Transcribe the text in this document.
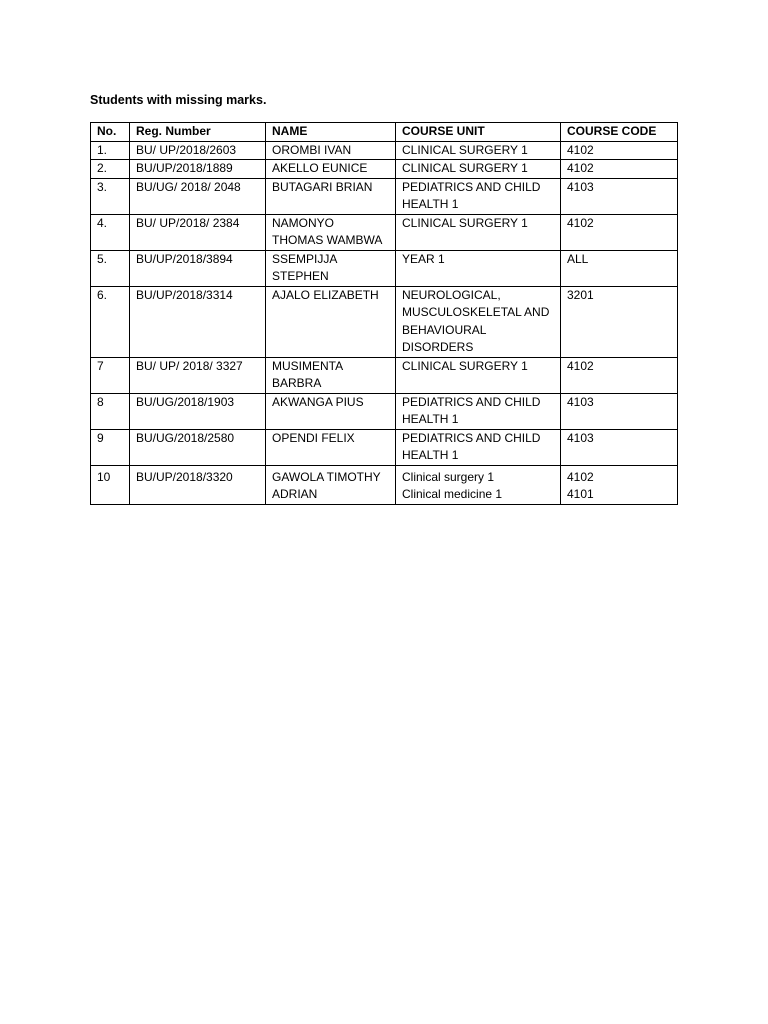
Students with missing marks.
No.	Reg. Number	NAME	COURSE UNIT	COURSE CODE
1.	BU/ UP/2018/2603	OROMBI IVAN	CLINICAL SURGERY 1	4102
2.	BU/UP/2018/1889	AKELLO EUNICE	CLINICAL SURGERY 1	4102
3.	BU/UG/ 2018/ 2048	BUTAGARI BRIAN	PEDIATRICS AND CHILD
HEALTH 1	4103
4.	BU/ UP/2018/ 2384	NAMONYO
THOMAS WAMBWA	CLINICAL SURGERY 1	4102
5.	BU/UP/2018/3894	SSEMPIJJA STEPHEN	YEAR 1	ALL
6.	BU/UP/2018/3314	AJALO ELIZABETH	NEUROLOGICAL,
MUSCULOSKELETAL AND
BEHAVIOURAL DISORDERS	3201
7	BU/ UP/ 2018/ 3327	MUSIMENTA
BARBRA	CLINICAL SURGERY 1	4102
8	BU/UG/2018/1903	AKWANGA PIUS	PEDIATRICS AND CHILD
HEALTH 1	4103
9	BU/UG/2018/2580	OPENDI FELIX	PEDIATRICS AND CHILD
HEALTH 1	4103
10	BU/UP/2018/3320	GAWOLA TIMOTHY
ADRIAN	Clinical surgery 1
Clinical medicine 1	4102
4101
